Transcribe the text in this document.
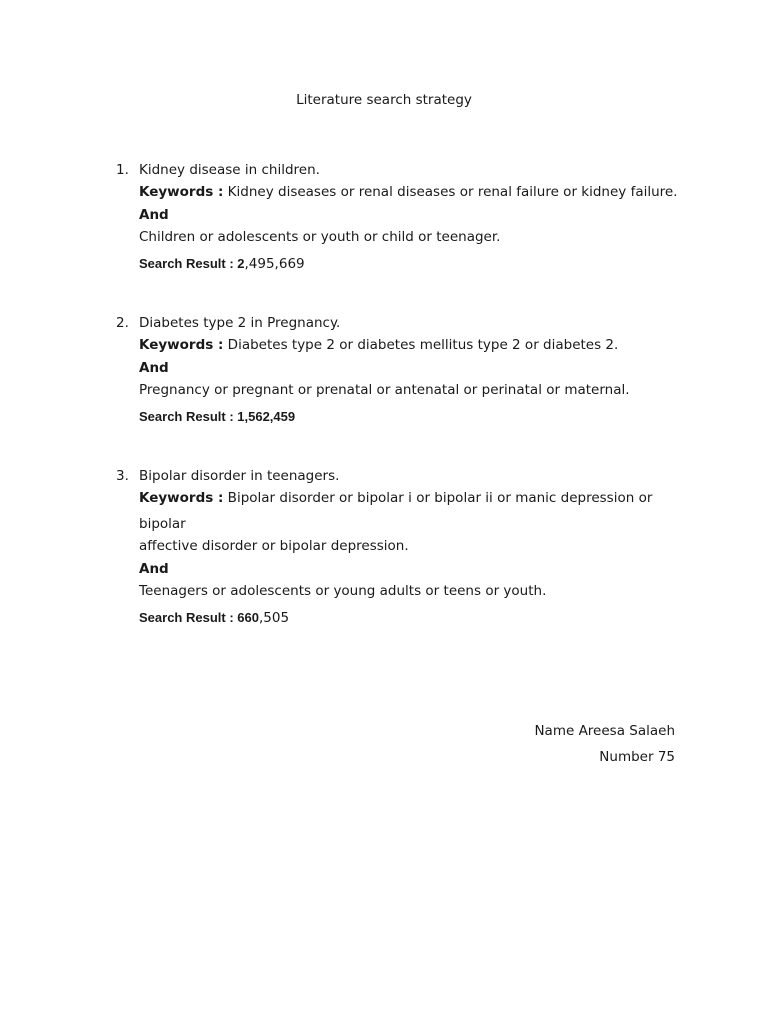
Literature search strategy
1. Kidney disease in children.
Keywords : Kidney diseases or renal diseases or renal failure or kidney failure.
And
Children or adolescents or youth or child or teenager.
Search Result : 2,495,669
2. Diabetes type 2 in Pregnancy.
Keywords : Diabetes type 2 or diabetes mellitus type 2 or diabetes 2.
And
Pregnancy or pregnant or prenatal or antenatal or perinatal or maternal.
Search Result : 1,562,459
3. Bipolar disorder in teenagers.
Keywords : Bipolar disorder or bipolar i or bipolar ii or manic depression or bipolar
affective disorder or bipolar depression.
And
Teenagers or adolescents or young adults or teens or youth.
Search Result : 660,505
Name Areesa Salaeh
Number 75
